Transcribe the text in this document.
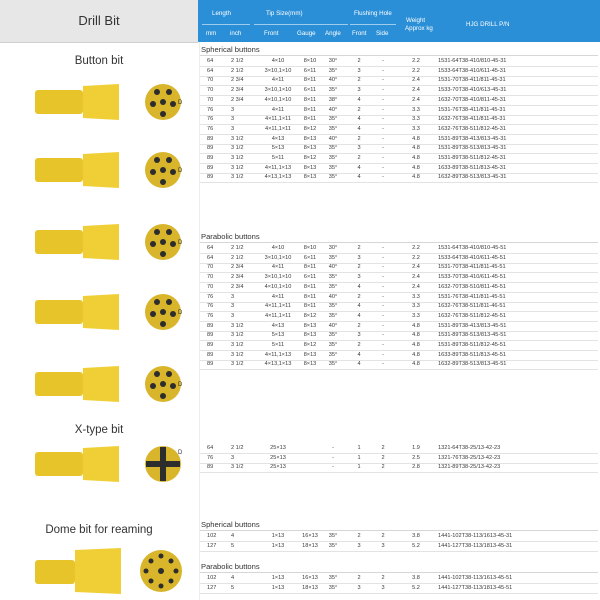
Drill Bit	Length	Tip Size(mm)	Flushing Hole
Weight
Approx kg
HJG DRILL P/N
mm inch	Front	Gauge Angle Front Side
Button bit
X-type bit
Dome bit for reaming
D
D
D
D
D
D
Spherical buttons
64	2 1/2	4×10	8×10 30°	2	-	2.2	1531-64T38-410/810-45-31
64	2 1/2	3×10,1×10 6×11 35°	3	-	2.2	1533-64T38-410/611-45-31
70	2 3/4	4×11	8×11 40°	2	-	2.4	1531-70T38-411/811-45-31
70	2 3/4	3×10,1×10 6×11 35°	3	-	2.4	1533-70T38-410/613-45-31
70	2 3/4	4×10,1×10 8×11 38°	4	-	2.4	1632-70T38-410/811-45-31
76	3	4×11	8×11 40°	2	-	3.3	1531-76T38-411/811-45-31
76	3	4×11,1×11 8×11 35°	4	-	3.3	1632-76T38-411/811-45-31
76	3	4×11,1×11 8×12 35°	4	-	3.3	1632-76T38-511/812-45-31
89	3 1/2	4×13	8×13 40°	2	-	4.8	1531-89T38-413/813-45-31
89	3 1/2	5×13	8×13 35°	3	-	4.8	1531-89T38-513/813-45-31
89	3 1/2	5×11	8×12 35°	2	-	4.8	1531-89T38-511/812-45-31
89	3 1/2	4×11,1×13 8×13 35°	4	-	4.8	1633-89T38-511/813-45-31
89	3 1/2	4×13,1×13 8×13 35°	4	-	4.8	1632-89T38-513/813-45-31
Parabolic buttons
64	2 1/2	4×10	8×10 30°	2	-	2.2	1531-64T38-410/810-45-51
64	2 1/2	3×10,1×10 6×11 35°	3	-	2.2	1533-64T38-410/611-45-51
70	2 3/4	4×11	8×11 40°	2	-	2.4	1531-70T38-411/811-45-51
70	2 3/4	3×10,1×10 6×11 35°	3	-	2.4	1533-70T38-410/611-45-51
70	2 3/4	4×10,1×10 8×11 35°	4	-	2.4	1632-70T38-510/811-45-51
76	3	4×11	8×11 40°	2	-	3.3	1531-76T38-411/811-45-51
76	3	4×11,1×11 8×11 35°	4	-	3.3	1632-76T38-511/811-46-51
76	3	4×11,1×11 8×12 35°	4	-	3.3	1632-76T38-511/812-45-51
89	3 1/2	4×13	8×13 40°	2	-	4.8	1531-89T38-413/813-45-51
89	3 1/2	5×13	8×13 35°	3	-	4.8	1531-89T38-513/813-45-51
89	3 1/2	5×11	8×12 35°	2	-	4.8	1531-89T38-511/812-45-51
89	3 1/2	4×11,1×13 8×13 35°	4	-	4.8	1633-89T38-511/813-45-51
89	3 1/2	4×13,1×13 8×13 35°	4	-	4.8	1632-89T38-513/813-45-51
64	2 1/2	25×13	-	1	2	1.9	1321-64T38-25/13-42-23
76	3	25×13	-	1	2	2.5	1321-76T38-25/13-42-23
89	3 1/2	25×13	-	1	2	2.8	1321-89T38-25/13-42-23
Spherical buttons
102	4	1×13	16×13 35°	2	2	3.8	1441-102T38-113/1613-45-31
127	5	1×13	18×13 35°	3	3	5.2	1441-127T38-113/1813-45-31
Parabolic buttons
102	4	1×13	16×13 35°	2	2	3.8	1441-102T38-113/1613-45-51
127	5	1×13	18×13 35°	3	3	5.2	1441-127T38-113/1813-45-51
